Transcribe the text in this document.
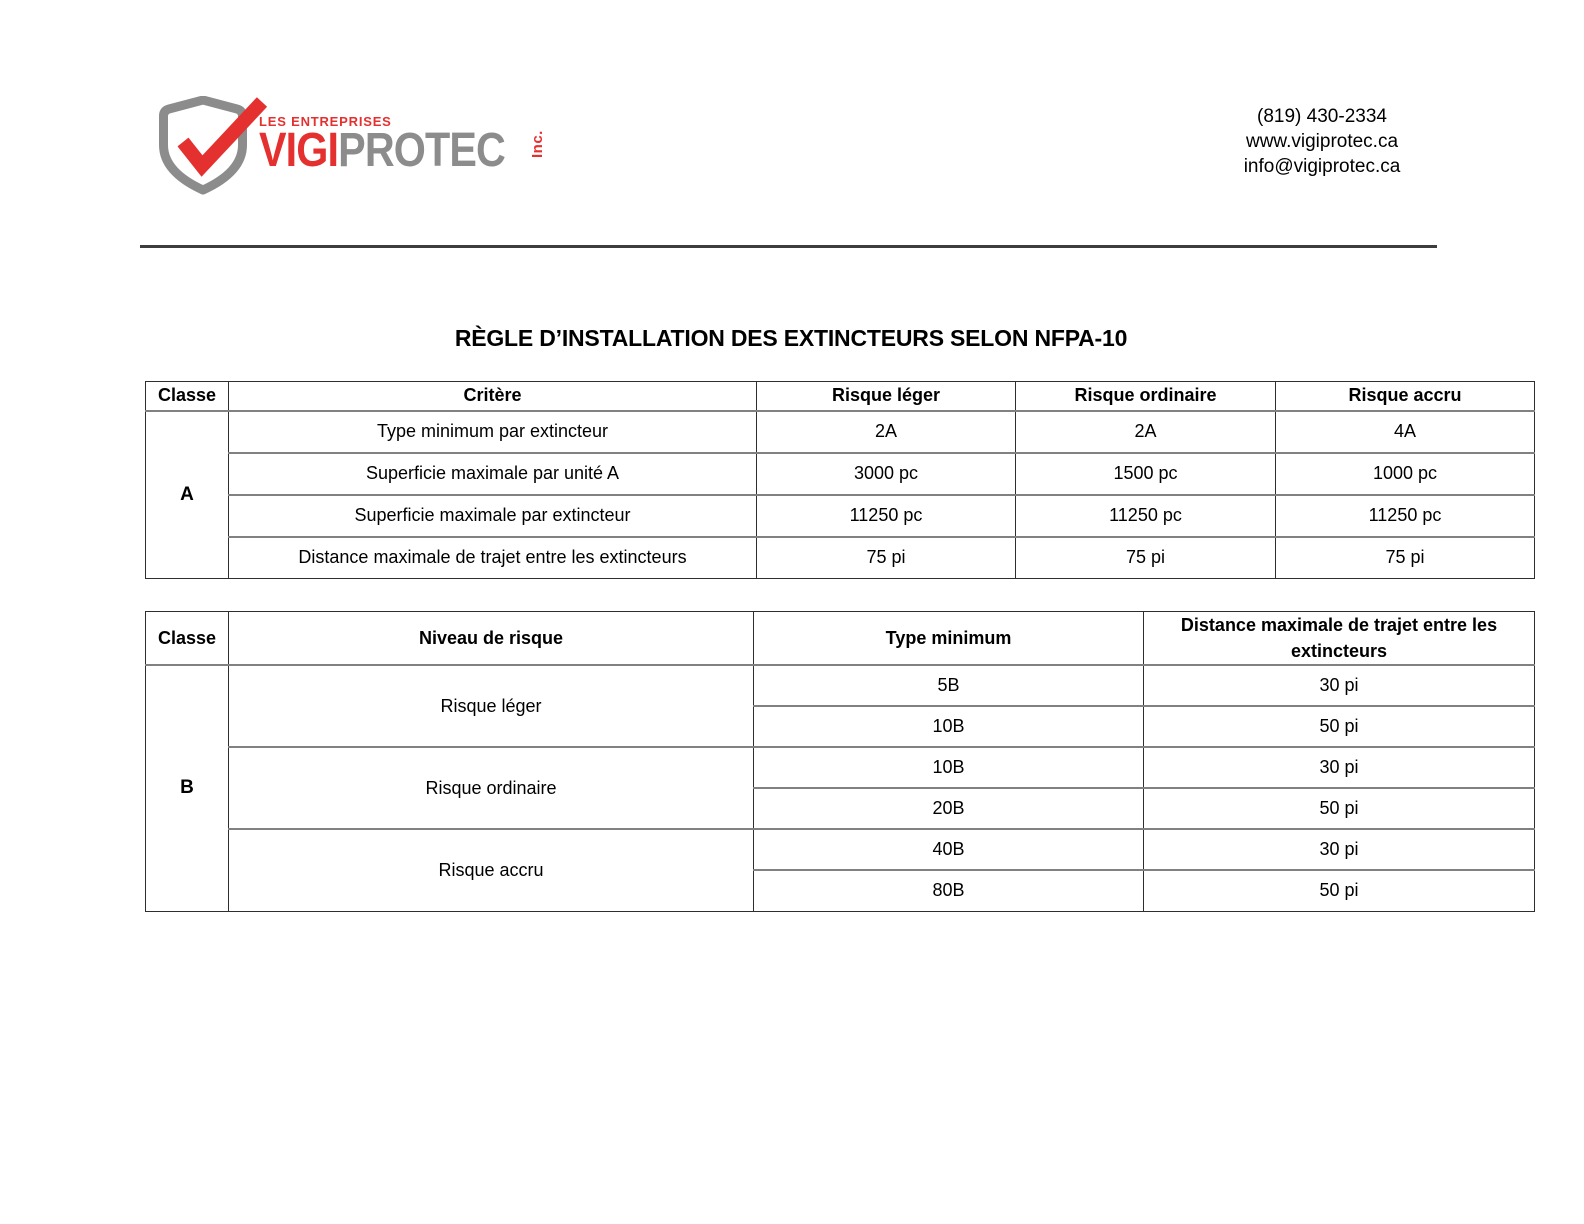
LES ENTREPRISES
VIGIPROTEC Inc.
(819) 430-2334
www.vigiprotec.ca
info@vigiprotec.ca
RÈGLE D’INSTALLATION DES EXTINCTEURS SELON NFPA-10
Classe	Critère	Risque léger	Risque ordinaire	Risque accru
A	Type minimum par extincteur	2A	2A	4A
	Superficie maximale par unité A	3000 pc	1500 pc	1000 pc
	Superficie maximale par extincteur	11250 pc	11250 pc	11250 pc
	Distance maximale de trajet entre les extincteurs	75 pi	75 pi	75 pi
Classe	Niveau de risque	Type minimum	Distance maximale de trajet entre les extincteurs
B	Risque léger	5B	30 pi
		10B	50 pi
	Risque ordinaire	10B	30 pi
		20B	50 pi
	Risque accru	40B	30 pi
		80B	50 pi
